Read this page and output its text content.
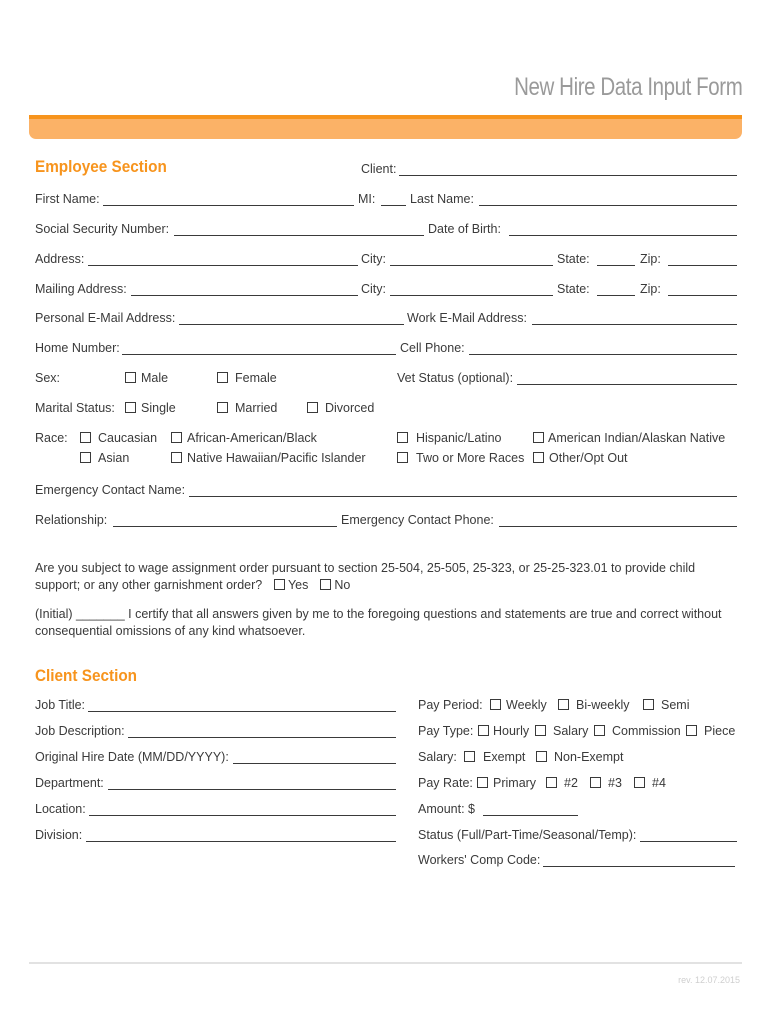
New Hire Data Input Form
Employee Section	Client:
First Name:	MI:	Last Name:
Social Security Number:	Date of Birth:
Address:	City:	State:	Zip:
Mailing Address:	City:	State:	Zip:
Personal E-Mail Address:	Work E-Mail Address:
Home Number:	Cell Phone:
Sex:	Male	Female	Vet Status (optional):
Marital Status: Single	Married	Divorced
Race: Caucasian African-American/Black	Hispanic/Latino	American Indian/Alaskan Native
Asian	Native Hawaiian/Pacific Islander	Two or More Races Other/Opt Out
Emergency Contact Name:
Relationship:	Emergency Contact Phone:
Are you subject to wage assignment order pursuant to section 25-504, 25-505, 25-323, or 25-25-323.01 to provide child support; or any other garnishment order? Yes No
(Initial) _______ I certify that all answers given by me to the foregoing questions and statements are true and correct without consequential omissions of any kind whatsoever.
Client Section
Job Title:
Job Description:
Original Hire Date (MM/DD/YYYY):
Department:
Location:
Division:
Pay Period: Weekly Bi-weekly	Semi
Pay Type: Hourly Salary Commission Piece
Salary: Exempt Non-Exempt
Pay Rate: Primary #2 #3 #4
Amount: $
Status (Full/Part-Time/Seasonal/Temp):
Workers' Comp Code:
rev. 12.07.2015
